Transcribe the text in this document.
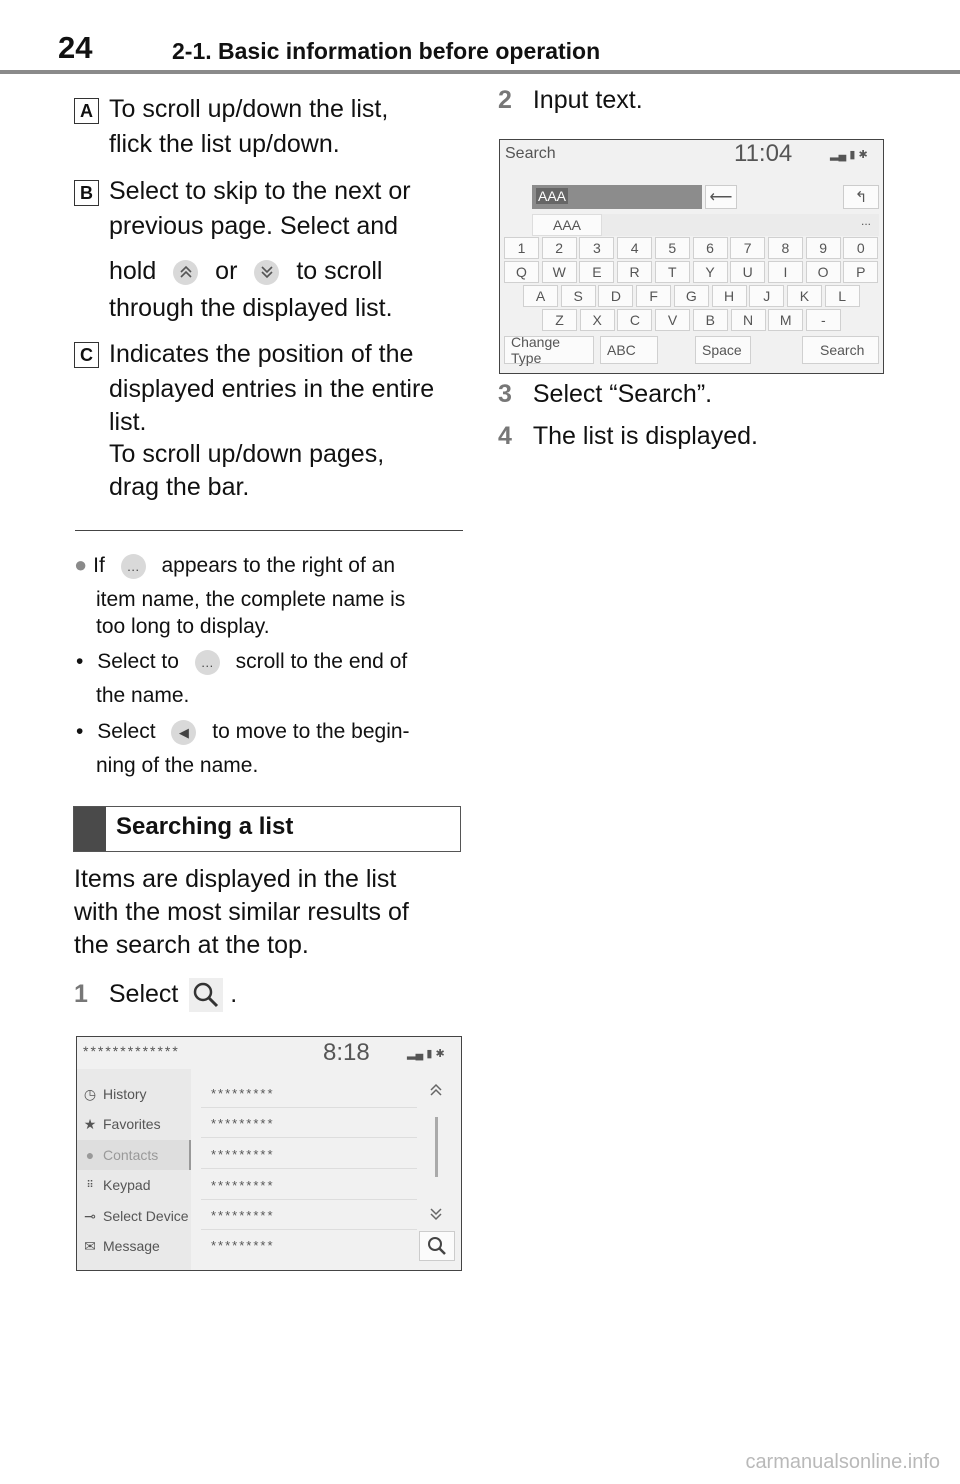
24	2-1. Basic information before operation
A To scroll up/down the list,
flick the list up/down.
B Select to skip to the next or
previous page. Select and
hold or to scroll
through the displayed list.
C Indicates the position of the
displayed entries in the entire
list.
To scroll up/down pages,
drag the bar.
● If … appears to the right of an
item name, the complete name is
too long to display.
• Select to … scroll to the end of
the name.
• Select ◀ to move to the begin-
ning of the name.
Searching a list
Items are displayed in the list
with the most similar results of
the search at the top.
1 Select .
*************	8:18	▂▄ ▮ ✱
◷ History
★ Favorites
● Contacts
⠿ Keypad
⊸ Select Device
✉ Message
*********
*********
*********
*********
*********
*********
2 Input text.
Search	11:04	▂▄ ▮ ✱
AAA	⟵	↰
AAA	...
1	2	3	4	5	6	7	8	9	0
Q	W	E	R	T	Y	U	I	O	P
A	S	D	F	G	H	J	K	L
Z	X	C	V	B	N	M	-
Change Type	ABC	Space	Search
3 Select “Search”.
4 The list is displayed.
carmanualsonline.info
